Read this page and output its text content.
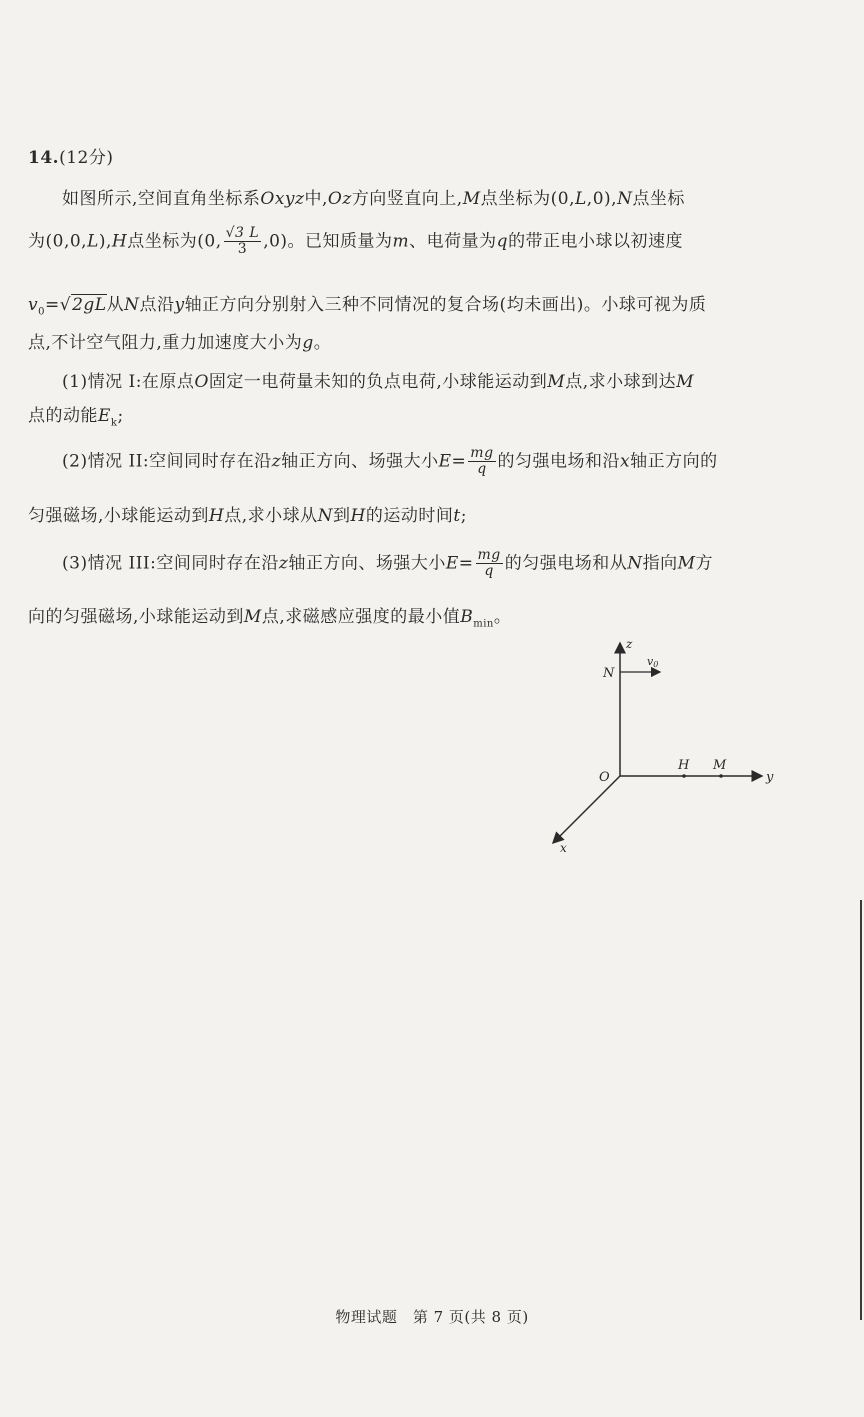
14.(12分)
如图所示,空间直角坐标系Oxyz中,Oz方向竖直向上,M点坐标为(0,L,0),N点坐标
为(0,0,L),H点坐标为(0, $\frac{√3 L}{3} ,0$)。已知质量为m、电荷量为q的带正电小球以初速度
$v_0=√2gL$从N点沿y轴正方向分别射入三种不同情况的复合场(均未画出)。小球可视为质
点,不计空气阻力,重力加速度大小为g。
(1)情况 I:在原点O固定一电荷量未知的负点电荷,小球能运动到M点,求小球到达M
点的动能$E_k$;
(2)情况 II:空间同时存在沿z轴正方向、场强大小$E= \frac{mg}{q}$ 的匀强电场和沿x轴正方向的
匀强磁场,小球能运动到H点,求小球从N到H的运动时间t;
(3)情况 III:空间同时存在沿z轴正方向、场强大小$E= \frac{mg}{q}$ 的匀强电场和从N指向M方
向的匀强磁场,小球能运动到M点,求磁感应强度的最小值$B_{min}$。
z
N
v0
O
H M
y
x
物理试题　第 7 页(共 8 页)
